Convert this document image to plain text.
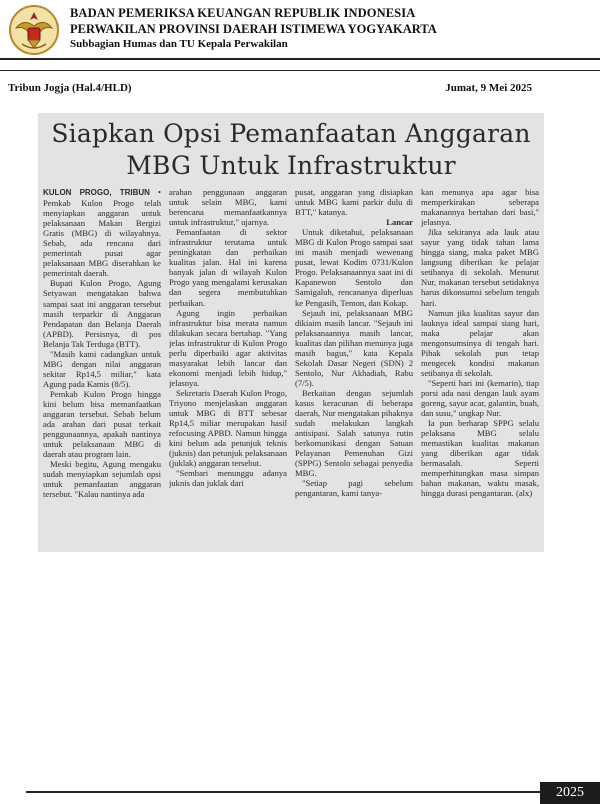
BADAN PEMERIKSA KEUANGAN REPUBLIK INDONESIA
PERWAKILAN PROVINSI DAERAH ISTIMEWA YOGYAKARTA
Subbagian Humas dan TU Kepala Perwakilan
Tribun Jogja (Hal.4/HLD)	Jumat, 9 Mei 2025
Siapkan Opsi Pemanfaatan Anggaran
MBG Untuk Infrastruktur

KULON PROGO, TRIBUN • Pemkab Kulon Progo telah menyiapkan anggaran untuk pelaksanaan Makan Bergizi Gratis (MBG) di wilayahnya. Sebab, ada rencana dari pemerintah pusat agar pelaksanaan MBG diserahkan ke pemerintah daerah.

Bupati Kulon Progo, Agung Setyawan mengatakan bahwa sampai saat ini anggaran tersebut masih terparkir di Anggaran Pendapatan dan Belanja Daerah (APBD). Persisnya, di pos Belanja Tak Terduga (BTT).

"Masih kami cadangkan untuk MBG dengan nilai anggaran sekitar Rp14,5 miliar," kata Agung pada Kamis (8/5).

Pemkab Kulon Progo hingga kini belum bisa memanfaatkan anggaran tersebut. Sebab belum ada arahan dari pusat terkait penggunaannya, apakah nantinya untuk pelaksanaan MBG di daerah atau program lain.

Meski begitu, Agung mengaku sudah menyiapkan sejumlah opsi untuk pemanfaatan anggaran tersebut. "Kalau nantinya ada

arahan penggunaan anggaran untuk selain MBG, kami berencana memanfaatkannya untuk infrastruktur," ujarnya.

Pemanfaatan di sektor infrastruktur terutama untuk peningkatan dan perbaikan kualitas jalan. Hal ini karena banyak jalan di wilayah Kulon Progo yang mengalami kerusakan dan segera membutuhkan perbaikan.

Agung ingin perbaikan infrastruktur bisa merata namun dilakukan secara bertahap. "Yang jelas infrastruktur di Kulon Progo perlu diperbaiki agar aktivitas masyarakat lebih lancar dan ekonomi menjadi lebih hidup," jelasnya.

Sekretaris Daerah Kulon Progo, Triyono menjelaskan anggaran untuk MBG di BTT sebesar Rp14,5 miliar merupakan hasil refocusing APBD. Namun hingga kini belum ada petunjuk teknis (juknis) dan petunjuk pelaksanaan (juklak) anggaran tersebut.

"Sembari menunggu adanya juknis dan juklak dari

pusat, anggaran yang disiapkan untuk MBG kami parkir dulu di BTT," katanya.

Lancar

Untuk diketahui, pelaksanaan MBG di Kulon Progo sampai saat ini masih menjadi wewenang pusat, lewat Kodim 0731/Kulon Progo. Pelaksanaannya saat ini di Kapanewon Sentolo dan Samigaluh, rencananya diperluas ke Pengasih, Temon, dan Kokap.

Sejauh ini, pelaksanaan MBG dikiaim masih lancar. "Sejauh ini pelaksanaannya masih lancar, kualitas dan pilihan menunya juga masih bagus," kata Kepala Sekolah Dasar Negeri (SDN) 2 Sentolo, Nur Akhadiah, Rabu (7/5).

Berkaitan dengan sejumlah kasus keracunan di beberapa daerah, Nur mengatakan pihaknya sudah melakukan langkah antisipasi. Salah satunya rutin berkomunikasi dengan Satuan Pelayanan Pemenuhan Gizi (SPPG) Sentolo sebagai penyedia MBG.

"Setiap pagi sebelum pengantaran, kami tanya-

kan menunya apa agar bisa memperkirakan seberapa makanannya bertahan dari basi," jelasnya.

Jika sekiranya ada lauk atau sayur yang tidak tahan lama hingga siang, maka paket MBG langsung diberikan ke pelajar setibanya di sekolah. Menurut Nur, makanan tersebut setidaknya harus dikonsumsi sebelum tengah hari.

Namun jika kualitas sayur dan lauknya ideal sampai siang hari, maka pelajar akan mengonsumsinya di tengah hari. Pihak sekolah pun tetap mengecek kondisi makanan setibanya di sekolah.

"Seperti hari ini (kemarin), tiap porsi ada nasi dengan lauk ayam goreng, sayur acar, galantin, buah, dan susu," ungkap Nur.

Ia pun berharap SPPG selalu pelaksana MBG selalu memastikan kualitas makanan yang diberikan agar tidak bermasalah. Seperti memperhitungkan masa simpan bahan makanan, waktu masak, hingga durasi pengantaran. (alx)

2025
